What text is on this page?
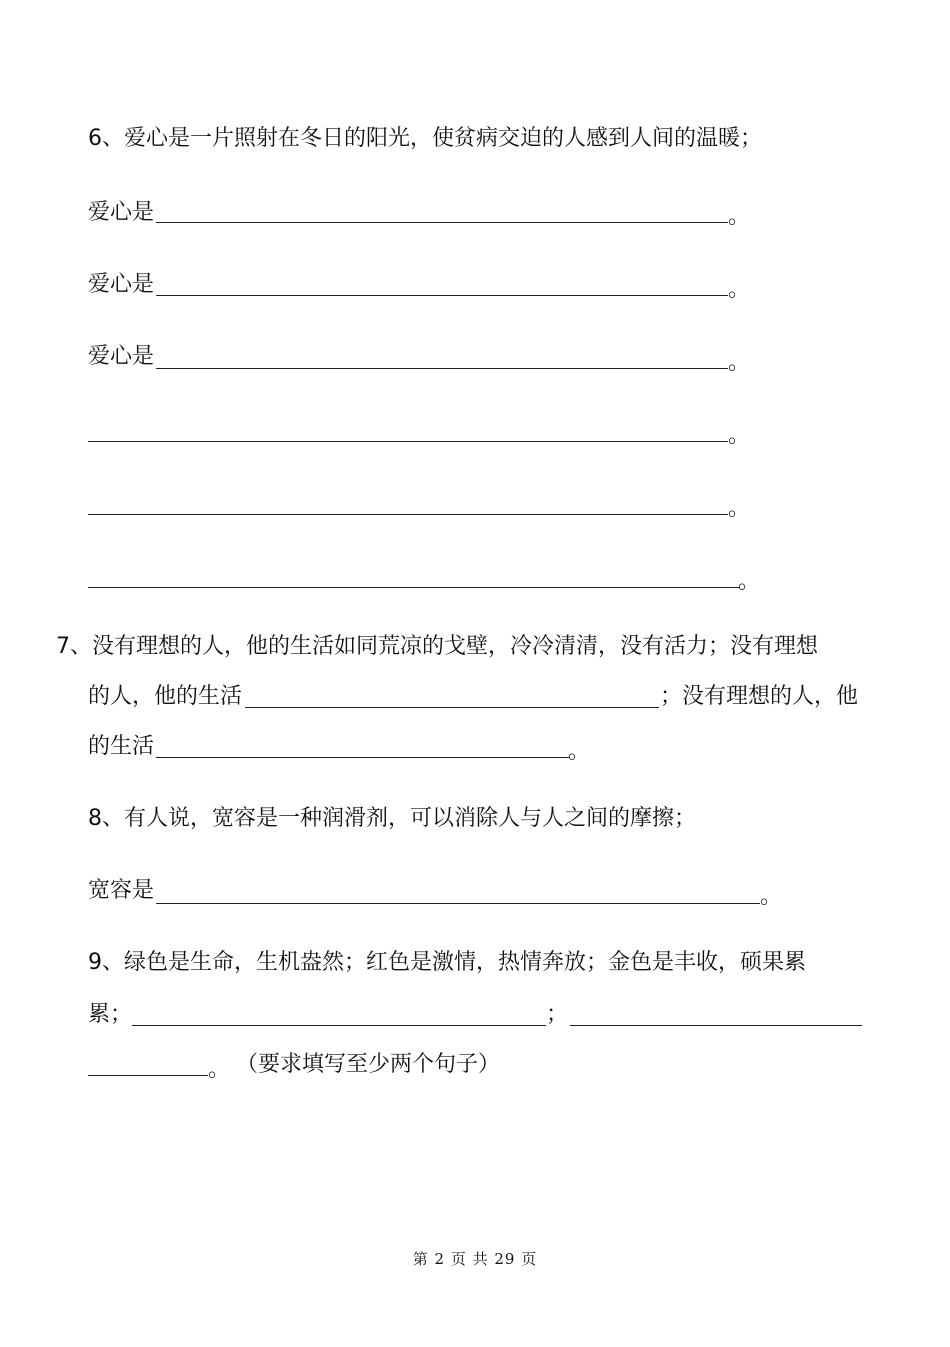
6、爱心是一片照射在冬日的阳光，使贫病交迫的人感到人间的温暖；
爱心是	。
爱心是	。
爱心是	。
。
。
。
7、没有理想的人，他的生活如同荒凉的戈壁，冷冷清清，没有活力；没有理想
的人，他的生活	；没有理想的人，他
的生活	。
8、有人说，宽容是一种润滑剂，可以消除人与人之间的摩擦；
宽容是	。
9、绿色是生命，生机盎然；红色是激情，热情奔放；金色是丰收，硕果累
累；	；
。 （要求填写至少两个句子）
第 2 页 共 29 页
